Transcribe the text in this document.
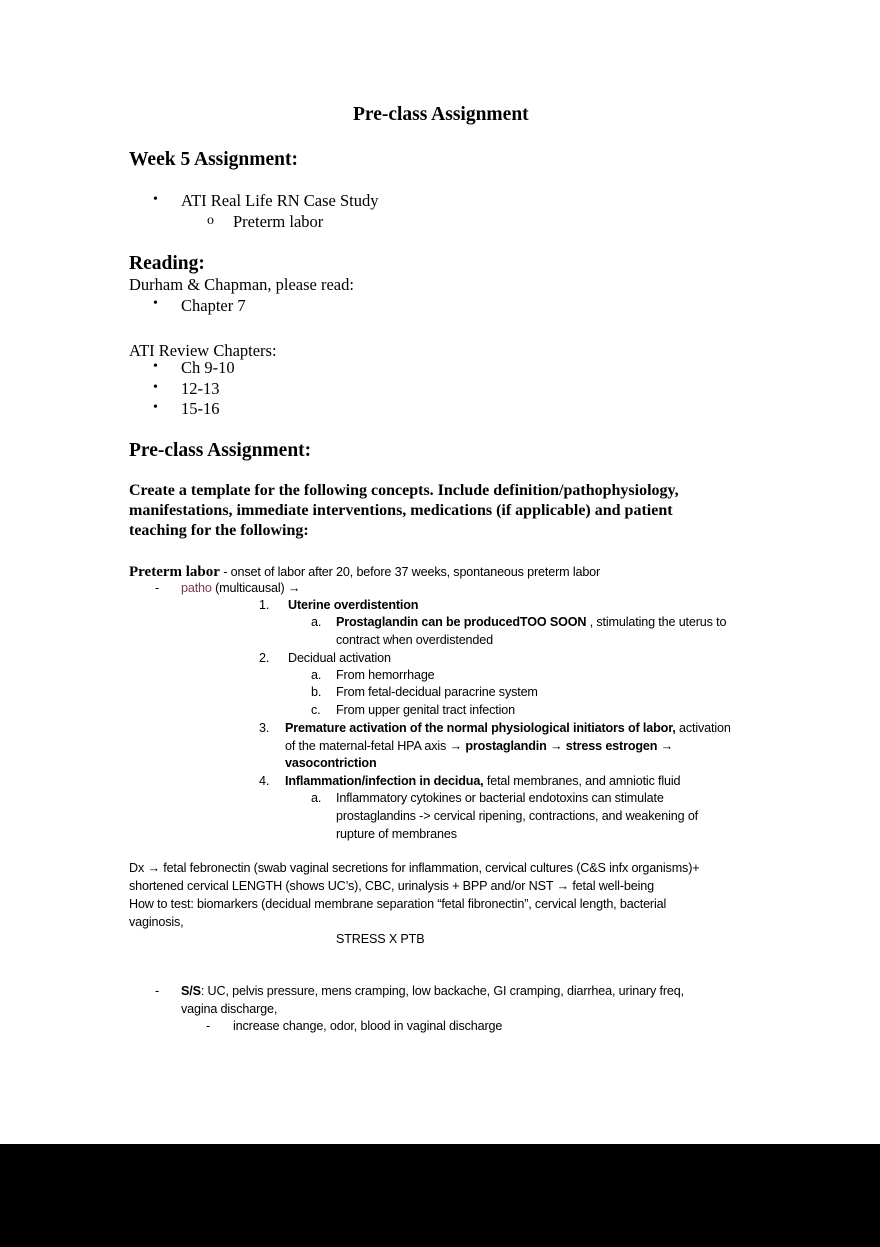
Pre-class Assignment
Week 5 Assignment:
• ATI Real Life RN Case Study
o Preterm labor
Reading:
Durham & Chapman, please read:
• Chapter 7
ATI Review Chapters:
• Ch 9-10
• 12-13
• 15-16
Pre-class Assignment:
Create a template for the following concepts. Include definition/pathophysiology,
manifestations, immediate interventions, medications (if applicable) and patient
teaching for the following:
Preterm labor - onset of labor after 20, before 37 weeks, spontaneous preterm labor
- patho (multicausal) →
1. Uterine overdistention
a. Prostaglandin can be producedTOO SOON , stimulating the uterus to
contract when overdistended
2. Decidual activation
a. From hemorrhage
b. From fetal-decidual paracrine system
c. From upper genital tract infection
3. Premature activation of the normal physiological initiators of labor, activation
of the maternal-fetal HPA axis → prostaglandin → stress estrogen →
vasocontriction
4. Inflammation/infection in decidua, fetal membranes, and amniotic fluid
a. Inflammatory cytokines or bacterial endotoxins can stimulate
prostaglandins -> cervical ripening, contractions, and weakening of
rupture of membranes
Dx → fetal febronectin (swab vaginal secretions for inflammation, cervical cultures (C&S infx organisms)+
shortened cervical LENGTH (shows UC’s), CBC, urinalysis + BPP and/or NST → fetal well-being
How to test: biomarkers (decidual membrane separation “fetal fibronectin”, cervical length, bacterial
vaginosis,
STRESS X PTB
- S/S: UC, pelvis pressure, mens cramping, low backache, GI cramping, diarrhea, urinary freq,
vagina discharge,
- increase change, odor, blood in vaginal discharge
